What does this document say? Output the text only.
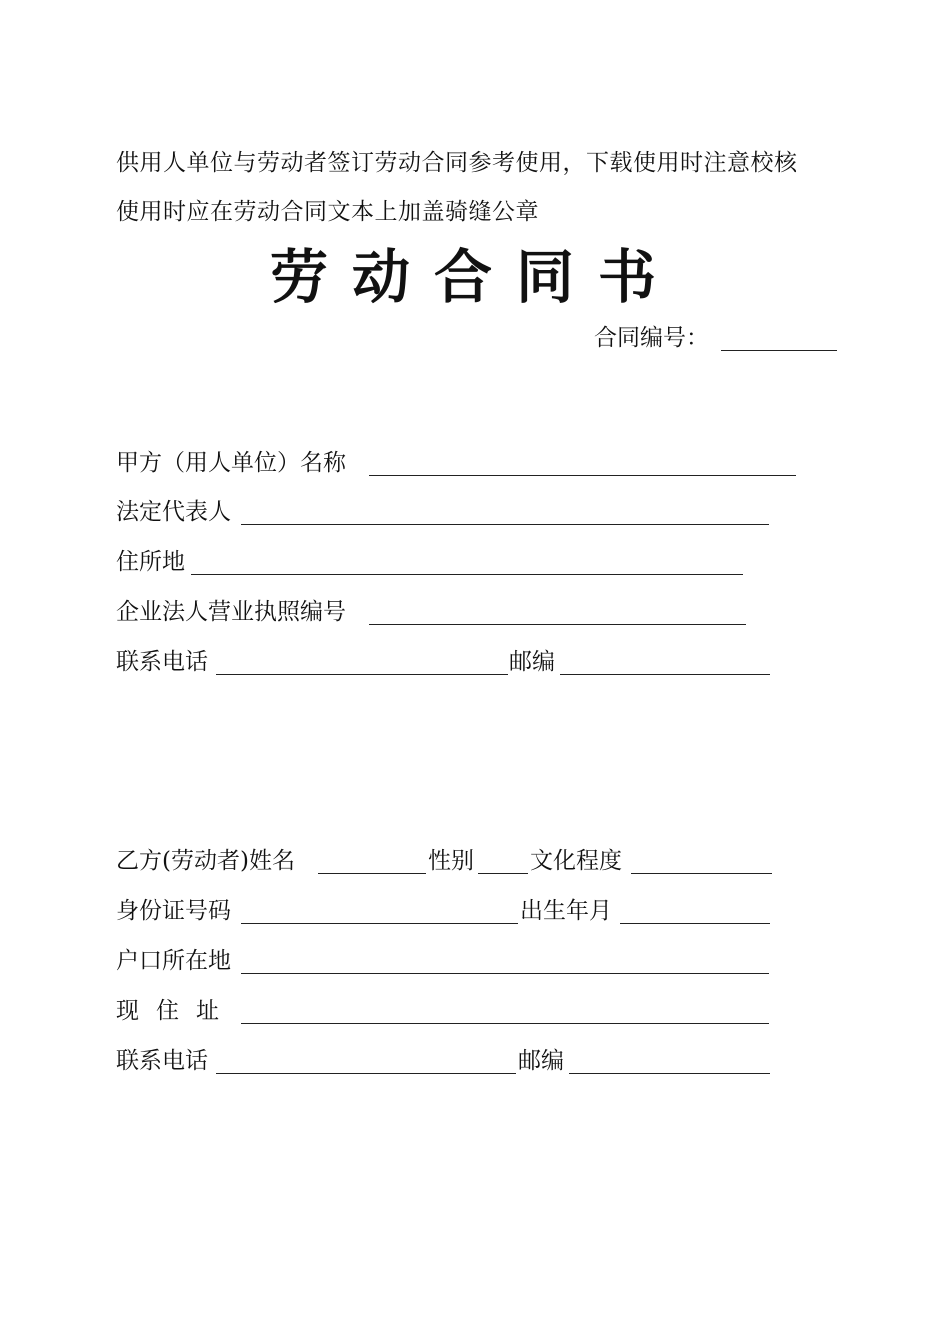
供用人单位与劳动者签订劳动合同参考使用，下载使用时注意校核
使用时应在劳动合同文本上加盖骑缝公章
劳动合同书
合同编号：
甲方（用人单位）名称
法定代表人
住所地
企业法人营业执照编号
联系电话	邮编
乙方(劳动者)姓名	性别 文化程度
身份证号码	出生年月
户口所在地
现住址
联系电话	邮编
